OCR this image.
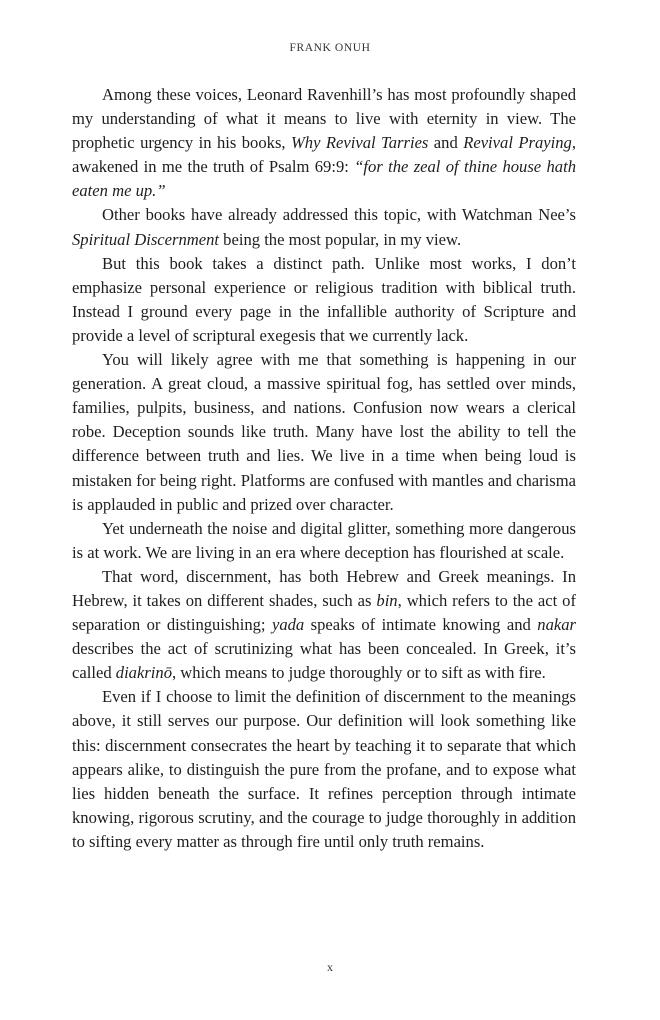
FRANK ONUH

Among these voices, Leonard Ravenhill’s has most profoundly shaped my understanding of what it means to live with eternity in view. The prophetic urgency in his books, Why Revival Tarries and Revival Praying, awakened in me the truth of Psalm 69:9: “for the zeal of thine house hath eaten me up.”

Other books have already addressed this topic, with Watchman Nee’s Spiritual Discernment being the most popular, in my view.

But this book takes a distinct path. Unlike most works, I don’t emphasize personal experience or religious tradition with biblical truth. Instead I ground every page in the infallible authority of Scripture and provide a level of scriptural exegesis that we currently lack.

You will likely agree with me that something is happening in our generation. A great cloud, a massive spiritual fog, has settled over minds, families, pulpits, business, and nations. Confusion now wears a clerical robe. Deception sounds like truth. Many have lost the ability to tell the difference between truth and lies. We live in a time when being loud is mistaken for being right. Platforms are confused with mantles and charisma is applauded in public and prized over character.

Yet underneath the noise and digital glitter, something more dangerous is at work. We are living in an era where deception has flourished at scale.

That word, discernment, has both Hebrew and Greek meanings. In Hebrew, it takes on different shades, such as bin, which refers to the act of separation or distinguishing; yada speaks of intimate knowing and nakar describes the act of scrutinizing what has been concealed. In Greek, it’s called diakrinō, which means to judge thoroughly or to sift as with fire.

Even if I choose to limit the definition of discernment to the meanings above, it still serves our purpose. Our definition will look something like this: discernment consecrates the heart by teaching it to separate that which appears alike, to distinguish the pure from the profane, and to expose what lies hidden beneath the surface. It refines perception through intimate knowing, rigorous scrutiny, and the courage to judge thoroughly in addition to sifting every matter as through fire until only truth remains.

x
